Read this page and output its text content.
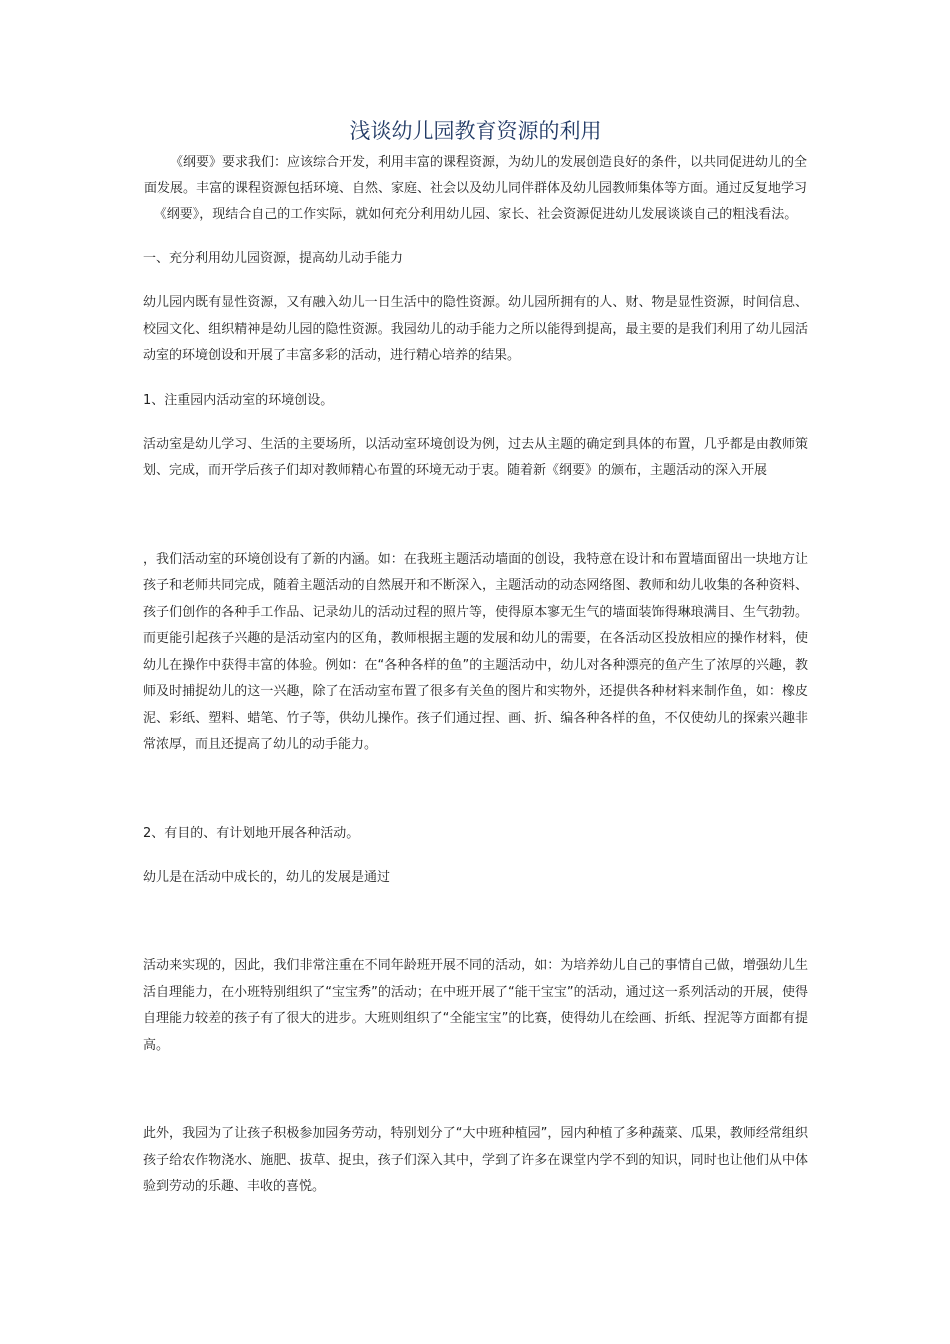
浅谈幼儿园教育资源的利用

《纲要》要求我们：应该综合开发，利用丰富的课程资源，为幼儿的发展创造良好的条件，以共同促进幼儿的全面发展。丰富的课程资源包括环境、自然、家庭、社会以及幼儿同伴群体及幼儿园教师集体等方面。通过反复地学习《纲要》，现结合自己的工作实际，就如何充分利用幼儿园、家长、社会资源促进幼儿发展谈谈自己的粗浅看法。

一、充分利用幼儿园资源，提高幼儿动手能力

幼儿园内既有显性资源，又有融入幼儿一日生活中的隐性资源。幼儿园所拥有的人、财、物是显性资源，时间信息、校园文化、组织精神是幼儿园的隐性资源。我园幼儿的动手能力之所以能得到提高，最主要的是我们利用了幼儿园活动室的环境创设和开展了丰富多彩的活动，进行精心培养的结果。

1、注重园内活动室的环境创设。

活动室是幼儿学习、生活的主要场所，以活动室环境创设为例，过去从主题的确定到具体的布置，几乎都是由教师策划、完成，而开学后孩子们却对教师精心布置的环境无动于衷。随着新《纲要》的颁布，主题活动的深入开展

，我们活动室的环境创设有了新的内涵。如：在我班主题活动墙面的创设，我特意在设计和布置墙面留出一块地方让孩子和老师共同完成，随着主题活动的自然展开和不断深入，主题活动的动态网络图、教师和幼儿收集的各种资料、孩子们创作的各种手工作品、记录幼儿的活动过程的照片等，使得原本寥无生气的墙面装饰得琳琅满目、生气勃勃。而更能引起孩子兴趣的是活动室内的区角，教师根据主题的发展和幼儿的需要，在各活动区投放相应的操作材料，使幼儿在操作中获得丰富的体验。例如：在“各种各样的鱼”的主题活动中，幼儿对各种漂亮的鱼产生了浓厚的兴趣，教师及时捕捉幼儿的这一兴趣，除了在活动室布置了很多有关鱼的图片和实物外，还提供各种材料来制作鱼，如：橡皮泥、彩纸、塑料、蜡笔、竹子等，供幼儿操作。孩子们通过捏、画、折、编各种各样的鱼，不仅使幼儿的探索兴趣非常浓厚，而且还提高了幼儿的动手能力。

2、有目的、有计划地开展各种活动。

幼儿是在活动中成长的，幼儿的发展是通过

活动来实现的，因此，我们非常注重在不同年龄班开展不同的活动，如：为培养幼儿自己的事情自己做，增强幼儿生活自理能力，在小班特别组织了“宝宝秀”的活动；在中班开展了“能干宝宝”的活动，通过这一系列活动的开展，使得自理能力较差的孩子有了很大的进步。大班则组织了“全能宝宝”的比赛，使得幼儿在绘画、折纸、捏泥等方面都有提高。

此外，我园为了让孩子积极参加园务劳动，特别划分了“大中班种植园”，园内种植了多种蔬菜、瓜果，教师经常组织孩子给农作物浇水、施肥、拔草、捉虫，孩子们深入其中，学到了许多在课堂内学不到的知识，同时也让他们从中体验到劳动的乐趣、丰收的喜悦。
